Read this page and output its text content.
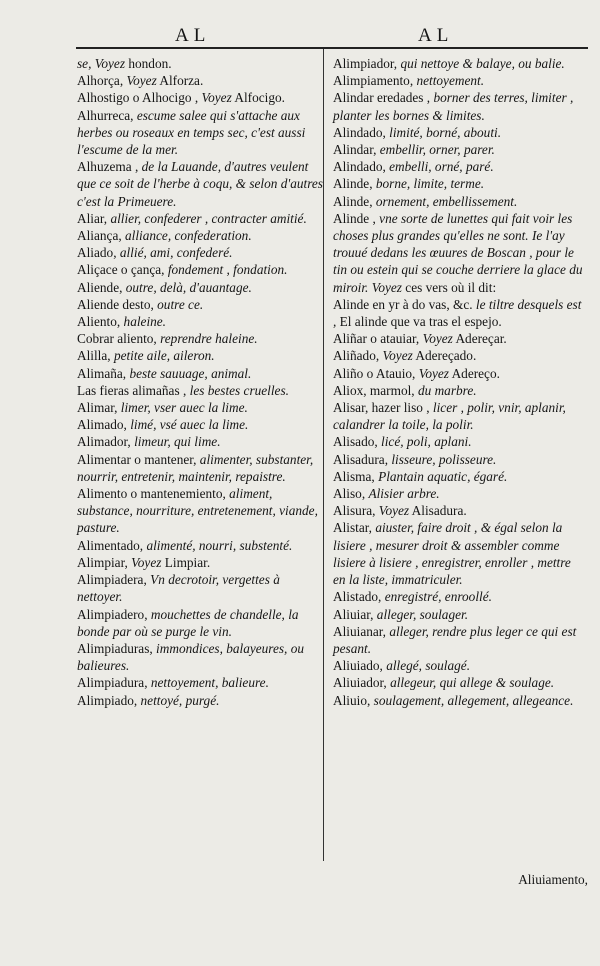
AL	AL

se, Voyez hondon.

Alhorça, Voyez Alforza.

Alhostigo o Alhocigo , Voyez Alfocigo.

Alhurreca, escume salee qui s'attache aux herbes ou roseaux en temps sec, c'est aussi l'escume de la mer.

Alhuzema , de la Lauande, d'autres veulent que ce soit de l'herbe à coqu, & selon d'autres c'est la Primeuere.

Aliar, allier, confederer , contracter amitié.

Aliança, alliance, confederation.

Aliado, allié, ami, confederé.

Aliçace o çança, fondement , fondation.

Aliende, outre, delà, d'auantage.

Aliende desto, outre ce.

Aliento, haleine.

Cobrar aliento, reprendre haleine.

Alilla, petite aile, aileron.

Alimaña, beste sauuage, animal.

Las fieras alimañas , les bestes cruelles.

Alimar, limer, vser auec la lime.

Alimado, limé, vsé auec la lime.

Alimador, limeur, qui lime.

Alimentar o mantener, alimenter, substanter, nourrir, entretenir, maintenir, repaistre.

Alimento o mantenemiento, aliment, substance, nourriture, entretenement, viande, pasture.

Alimentado, alimenté, nourri, substenté.

Alimpiar, Voyez Limpiar.

Alimpiadera, Vn decrotoir, vergettes à nettoyer.

Alimpiadero, mouchettes de chandelle, la bonde par où se purge le vin.

Alimpiaduras, immondices, balayeures, ou balieures.

Alimpiadura, nettoyement, balieure.

Alimpiado, nettoyé, purgé.

Alimpiador, qui nettoye & balaye, ou balie.

Alimpiamento, nettoyement.

Alindar eredades , borner des terres, limiter , planter les bornes & limites.

Alindado, limité, borné, abouti.

Alindar, embellir, orner, parer.

Alindado, embelli, orné, paré.

Alinde, borne, limite, terme.

Alinde, ornement, embellissement.

Alinde , vne sorte de lunettes qui fait voir les choses plus grandes qu'elles ne sont. Ie l'ay trouué dedans les œuures de Boscan , pour le tin ou estein qui se couche derriere la glace du miroir. Voyez ces vers où il dit:

Alinde en yr à do vas, &c. le tiltre desquels est , El alinde que va tras el espejo.

Aliñar o atauiar, Voyez Adereçar.

Aliñado, Voyez Adereçado.

Aliño o Atauio, Voyez Adereço.

Aliox, marmol, du marbre.

Alisar, hazer liso , licer , polir, vnir, aplanir, calandrer la toile, la polir.

Alisado, licé, poli, aplani.

Alisadura, lisseure, polisseure.

Alisma, Plantain aquatic, égaré.

Aliso, Alisier arbre.

Alisura, Voyez Alisadura.

Alistar, aiuster, faire droit , & égal selon la lisiere , mesurer droit & assembler comme lisiere à lisiere , enregistrer, enroller , mettre en la liste, immatriculer.

Alistado, enregistré, enroollé.

Aliuiar, alleger, soulager.

Aliuianar, alleger, rendre plus leger ce qui est pesant.

Aliuiado, allegé, soulagé.

Aliuiador, allegeur, qui allege & soulage.

Aliuio, soulagement, allegement, allegeance.

Aliuiamento,
